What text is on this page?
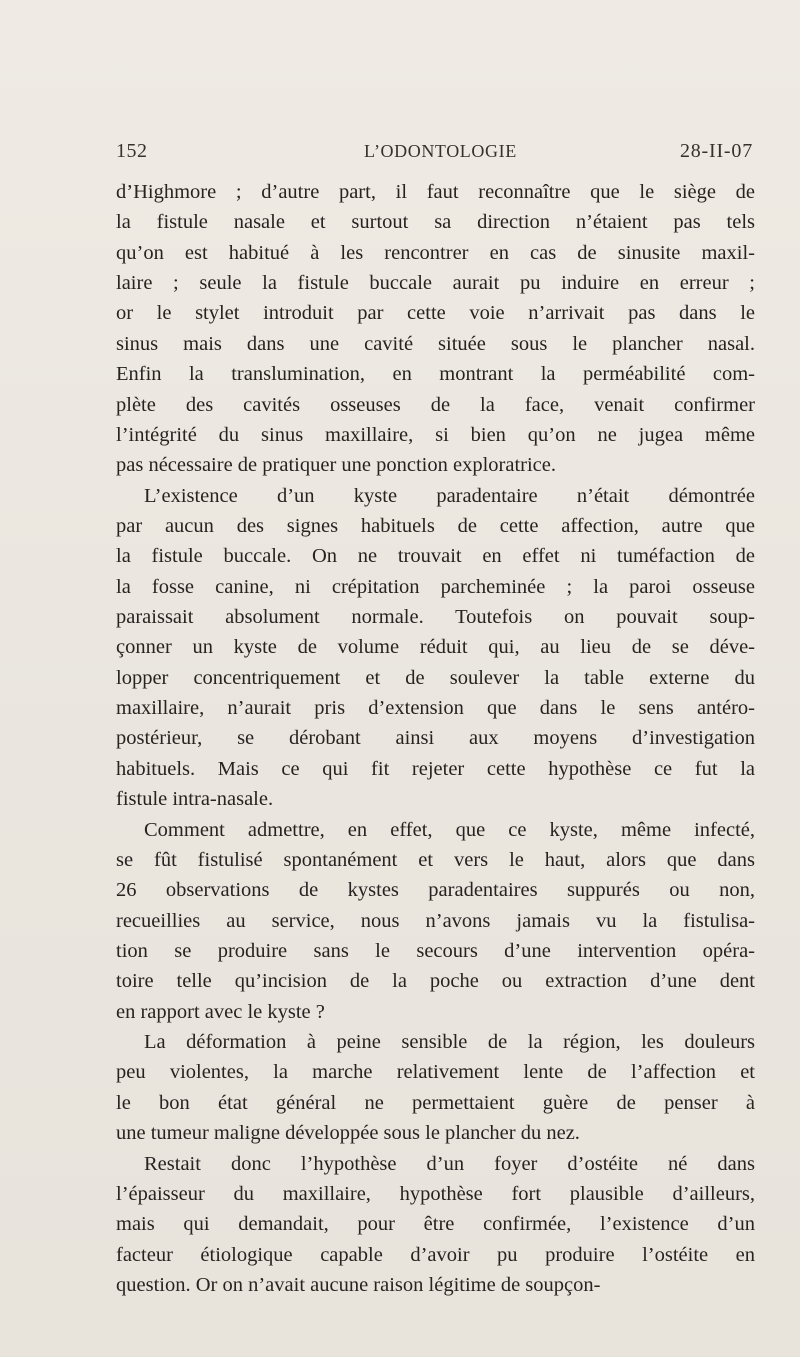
152	L’ODONTOLOGIE	28-II-07
d’Highmore ; d’autre part, il faut reconnaître que le siège de
la fistule nasale et surtout sa direction n’étaient pas tels
qu’on est habitué à les rencontrer en cas de sinusite maxil-
laire ; seule la fistule buccale aurait pu induire en erreur ;
or le stylet introduit par cette voie n’arrivait pas dans le
sinus mais dans une cavité située sous le plancher nasal.
Enfin la translumination, en montrant la perméabilité com-
plète des cavités osseuses de la face, venait confirmer
l’intégrité du sinus maxillaire, si bien qu’on ne jugea même
pas nécessaire de pratiquer une ponction exploratrice.
L’existence d’un kyste paradentaire n’était démontrée
par aucun des signes habituels de cette affection, autre que
la fistule buccale. On ne trouvait en effet ni tuméfaction de
la fosse canine, ni crépitation parcheminée ; la paroi osseuse
paraissait absolument normale. Toutefois on pouvait soup-
çonner un kyste de volume réduit qui, au lieu de se déve-
lopper concentriquement et de soulever la table externe du
maxillaire, n’aurait pris d’extension que dans le sens antéro-
postérieur, se dérobant ainsi aux moyens d’investigation
habituels. Mais ce qui fit rejeter cette hypothèse ce fut la
fistule intra-nasale.
Comment admettre, en effet, que ce kyste, même infecté,
se fût fistulisé spontanément et vers le haut, alors que dans
26 observations de kystes paradentaires suppurés ou non,
recueillies au service, nous n’avons jamais vu la fistulisa-
tion se produire sans le secours d’une intervention opéra-
toire telle qu’incision de la poche ou extraction d’une dent
en rapport avec le kyste ?
La déformation à peine sensible de la région, les douleurs
peu violentes, la marche relativement lente de l’affection et
le bon état général ne permettaient guère de penser à
une tumeur maligne développée sous le plancher du nez.
Restait donc l’hypothèse d’un foyer d’ostéite né dans
l’épaisseur du maxillaire, hypothèse fort plausible d’ailleurs,
mais qui demandait, pour être confirmée, l’existence d’un
facteur étiologique capable d’avoir pu produire l’ostéite en
question. Or on n’avait aucune raison légitime de soupçon-
